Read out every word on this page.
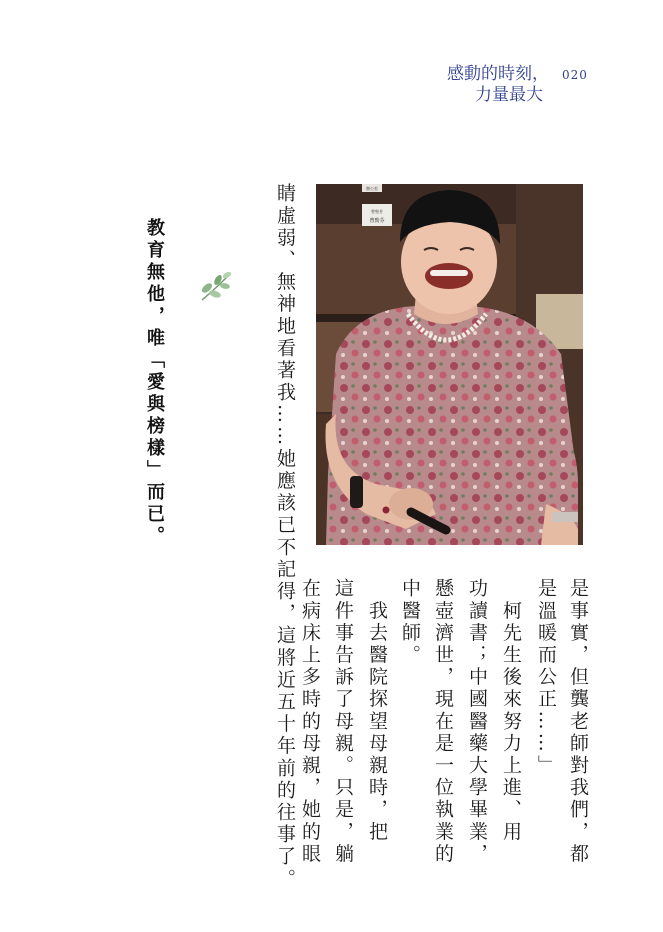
感動的時刻，
力量最大
020
睛虛弱、無神地看著我……她應該已不記得，這將近五十年前的往事了。
教育無他，唯「愛與榜樣」而已。
曾聖芳
曾勁芬
辦公室
是事實，但龔老師對我們，都
是溫暖而公正……」
　柯先生後來努力上進、用
功讀書；中國醫藥大學畢業，
懸壺濟世，現在是一位執業的
中醫師。
　我去醫院探望母親時，把
這件事告訴了母親。只是，躺
在病床上多時的母親，她的眼
